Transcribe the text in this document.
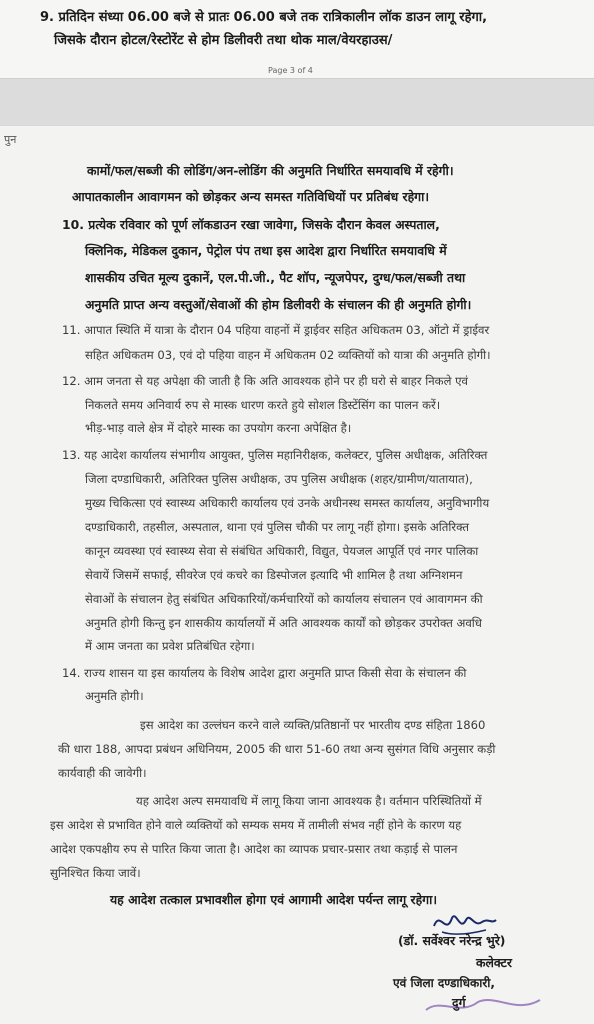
9. प्रतिदिन संध्या 06.00 बजे से प्रातः 06.00 बजे तक रात्रिकालीन लॉक डाउन लागू रहेगा,
जिसके दौरान होटल/रेस्टोरेंट से होम डिलीवरी तथा थोक माल/वेयरहाउस/
Page 3 of 4
पुन
कामों/फल/सब्जी की लोडिंग/अन-लोडिंग की अनुमति निर्धारित समयावधि में रहेगी।
आपातकालीन आवागमन को छोड़कर अन्य समस्त गतिविधियों पर प्रतिबंध रहेगा।
10. प्रत्येक रविवार को पूर्ण लॉकडाउन रखा जावेगा, जिसके दौरान केवल अस्पताल,
क्लिनिक, मेडिकल दुकान, पेट्रोल पंप तथा इस आदेश द्वारा निर्धारित समयावधि में
शासकीय उचित मूल्य दुकानें, एल.पी.जी., पैट शॉप, न्यूजपेपर, दुग्ध/फल/सब्जी तथा
अनुमति प्राप्त अन्य वस्तुओं/सेवाओं की होम डिलीवरी के संचालन की ही अनुमति होगी।
11. आपात स्थिति में यात्रा के दौरान 04 पहिया वाहनों में ड्राईवर सहित अधिकतम 03, ऑटो में ड्राईवर
सहित अधिकतम 03, एवं दो पहिया वाहन में अधिकतम 02 व्यक्तियों को यात्रा की अनुमति होगी।
12. आम जनता से यह अपेक्षा की जाती है कि अति आवश्यक होने पर ही घरो से बाहर निकले एवं
निकलते समय अनिवार्य रुप से मास्क धारण करते हुये सोशल डिस्टेंसिंग का पालन करें।
भीड़-भाड़ वाले क्षेत्र में दोहरे मास्क का उपयोग करना अपेक्षित है।
13. यह आदेश कार्यालय संभागीय आयुक्त, पुलिस महानिरीक्षक, कलेक्टर, पुलिस अधीक्षक, अतिरिक्त
जिला दण्डाधिकारी, अतिरिक्त पुलिस अधीक्षक, उप पुलिस अधीक्षक (शहर/ग्रामीण/यातायात),
मुख्य चिकित्सा एवं स्वास्थ्य अधिकारी कार्यालय एवं उनके अधीनस्थ समस्त कार्यालय, अनुविभागीय
दण्डाधिकारी, तहसील, अस्पताल, थाना एवं पुलिस चौकी पर लागू नहीं होगा। इसके अतिरिक्त
कानून व्यवस्था एवं स्वास्थ्य सेवा से संबंधित अधिकारी, विद्युत, पेयजल आपूर्ति एवं नगर पालिका
सेवायें जिसमें सफाई, सीवरेज एवं कचरे का डिस्पोजल इत्यादि भी शामिल है तथा अग्निशमन
सेवाओं के संचालन हेतु संबंधित अधिकारियों/कर्मचारियों को कार्यालय संचालन एवं आवागमन की
अनुमति होगी किन्तु इन शासकीय कार्यालयों में अति आवश्यक कार्यों को छोड़कर उपरोक्त अवधि
में आम जनता का प्रवेश प्रतिबंधित रहेगा।
14. राज्य शासन या इस कार्यालय के विशेष आदेश द्वारा अनुमति प्राप्त किसी सेवा के संचालन की
अनुमति होगी।
इस आदेश का उल्लंघन करने वाले व्यक्ति/प्रतिष्ठानों पर भारतीय दण्ड संहिता 1860
की धारा 188, आपदा प्रबंधन अधिनियम, 2005 की धारा 51-60 तथा अन्य सुसंगत विधि अनुसार कड़ी
कार्यवाही की जावेगी।
यह आदेश अल्प समयावधि में लागू किया जाना आवश्यक है। वर्तमान परिस्थितियों में
इस आदेश से प्रभावित होने वाले व्यक्तियों को सम्यक समय में तामीली संभव नहीं होने के कारण यह
आदेश एकपक्षीय रुप से पारित किया जाता है। आदेश का व्यापक प्रचार-प्रसार तथा कड़ाई से पालन
सुनिश्चित किया जावें।
यह आदेश तत्काल प्रभावशील होगा एवं आगामी आदेश पर्यन्त लागू रहेगा।
(डॉ. सर्वेश्वर नरेन्द्र भुरे)
कलेक्टर
एवं जिला दण्डाधिकारी,
दुर्ग
